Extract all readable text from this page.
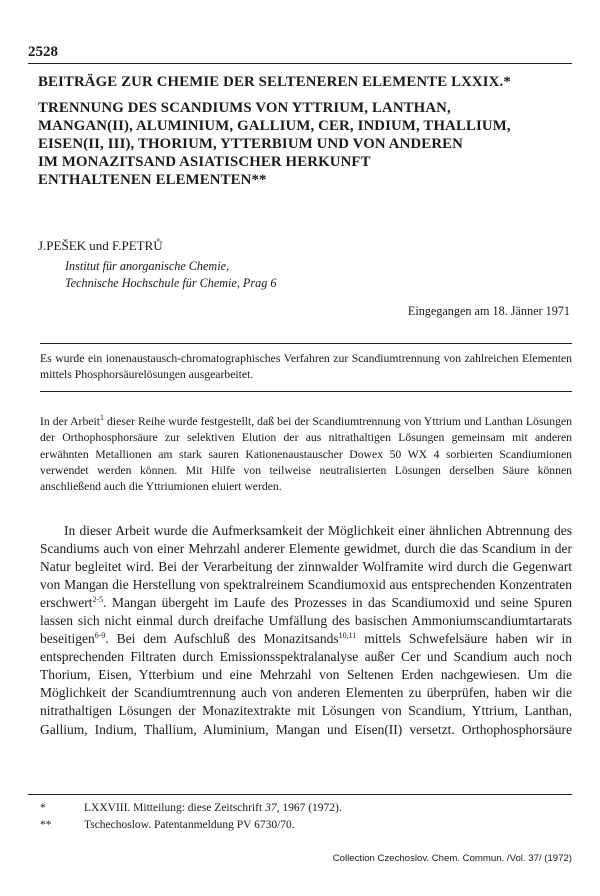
2528
BEITRÄGE ZUR CHEMIE DER SELTENEREN ELEMENTE LXXIX.*
TRENNUNG DES SCANDIUMS VON YTTRIUM, LANTHAN,
MANGAN(II), ALUMINIUM, GALLIUM, CER, INDIUM, THALLIUM,
EISEN(II, III), THORIUM, YTTERBIUM UND VON ANDEREN
IM MONAZITSAND ASIATISCHER HERKUNFT
ENTHALTENEN ELEMENTEN**
J.PEŠEK und F.PETRŮ
Institut für anorganische Chemie,
Technische Hochschule für Chemie, Prag 6
Eingegangen am 18. Jänner 1971
Es wurde ein ionenaustausch-chromatographisches Verfahren zur Scandiumtrennung von zahlreichen Elementen mittels Phosphorsäurelösungen ausgearbeitet.
In der Arbeit$^1$ dieser Reihe wurde festgestellt, daß bei der Scandiumtrennung von Yttrium und Lanthan Lösungen der Orthophosphorsäure zur selektiven Elution der aus nitrathaltigen Lösungen gemeinsam mit anderen erwähnten Metallionen am stark sauren Kationenaustauscher Dowex 50 WX 4 sorbierten Scandiumionen verwendet werden können. Mit Hilfe von teilweise neutralisierten Lösungen derselben Säure können anschließend auch die Yttriumionen eluiert werden.

In dieser Arbeit wurde die Aufmerksamkeit der Möglichkeit einer ähnlichen Abtrennung des Scandiums auch von einer Mehrzahl anderer Elemente gewidmet, durch die das Scandium in der Natur begleitet wird. Bei der Verarbeitung der zinnwalder Wolframite wird durch die Gegenwart von Mangan die Herstellung von spektralreinem Scandiumoxid aus entsprechenden Konzentraten erschwert$^{2-5}$. Mangan übergeht im Laufe des Prozesses in das Scandiumoxid und seine Spuren lassen sich nicht einmal durch dreifache Umfällung des basischen Ammoniumscandiumtartarats beseitigen$^{6-9}$. Bei dem Aufschluß des Monazitsands$^{10,11}$ mittels Schwefelsäure haben wir in entsprechenden Filtraten durch Emissionsspektralanalyse außer Cer und Scandium auch noch Thorium, Eisen, Ytterbium und eine Mehrzahl von Seltenen Erden nachgewiesen. Um die Möglichkeit der Scandiumtrennung auch von anderen Elementen zu überprüfen, haben wir die nitrathaltigen Lösungen der Monazitextrakte mit Lösungen von Scandium, Yttrium, Lanthan, Gallium, Indium, Thallium, Aluminium, Mangan und Eisen(II) versetzt. Orthophosphorsäure

*	LXXVIII. Mitteilung: diese Zeitschrift 37, 1967 (1972).
**	Tschechoslow. Patentanmeldung PV 6730/70.
Collection Czechoslov. Chem. Commun. /Vol. 37/ (1972)
